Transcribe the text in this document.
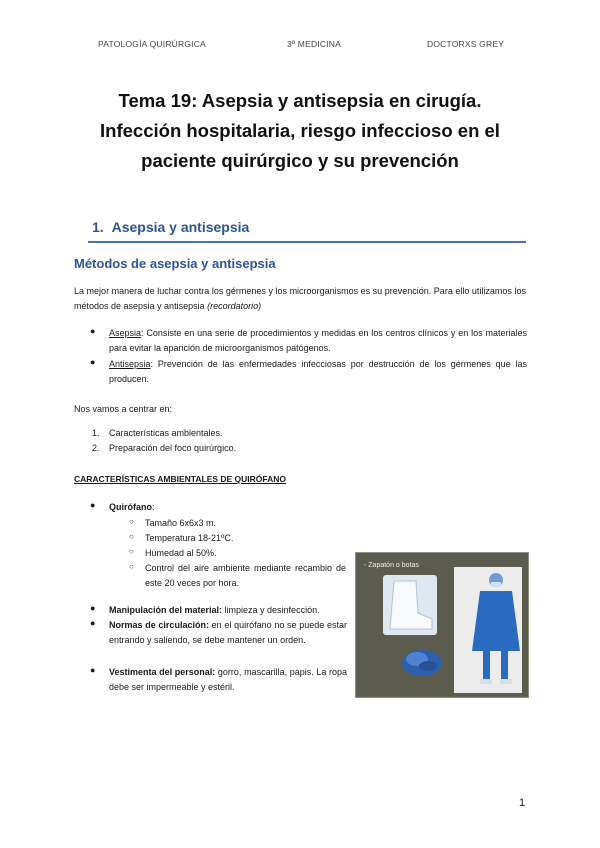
PATOLOGÍA QUIRÚRGICA	3º MEDICINA	DOCTORXS GREY
Tema 19: Asepsia y antisepsia en cirugía.
Infección hospitalaria, riesgo infeccioso en el
paciente quirúrgico y su prevención
1. Asepsia y antisepsia
Métodos de asepsia y antisepsia
La mejor manera de luchar contra los gérmenes y los microorganismos es su prevención. Para ello utilizamos los métodos de asepsia y antisepsia (recordatorio)
● Asepsia: Consiste en una serie de procedimientos y medidas en los centros clínicos y en los materiales para evitar la aparición de microorganismos patógenos.
● Antisepsia: Prevención de las enfermedades infecciosas por destrucción de los gérmenes que las producen.
Nos vamos a centrar en:
1. Características ambientales.
2. Preparación del foco quirúrgico.
CARACTERÍSTICAS AMBIENTALES DE QUIRÓFANO
● Quirófano:
○ Tamaño 6x6x3 m.
○ Temperatura 18-21ºC.
○ Humedad al 50%.
○ Control del aire ambiente mediante recambio de este 20 veces por hora.
● Manipulación del material: limpieza y desinfección.
● Normas de circulación: en el quirófano no se puede estar entrando y saliendo, se debe mantener un orden.
● Vestimenta del personal: gorro, mascarilla, papis. La ropa debe ser impermeable y estéril.
- Zapatón o botas
1
